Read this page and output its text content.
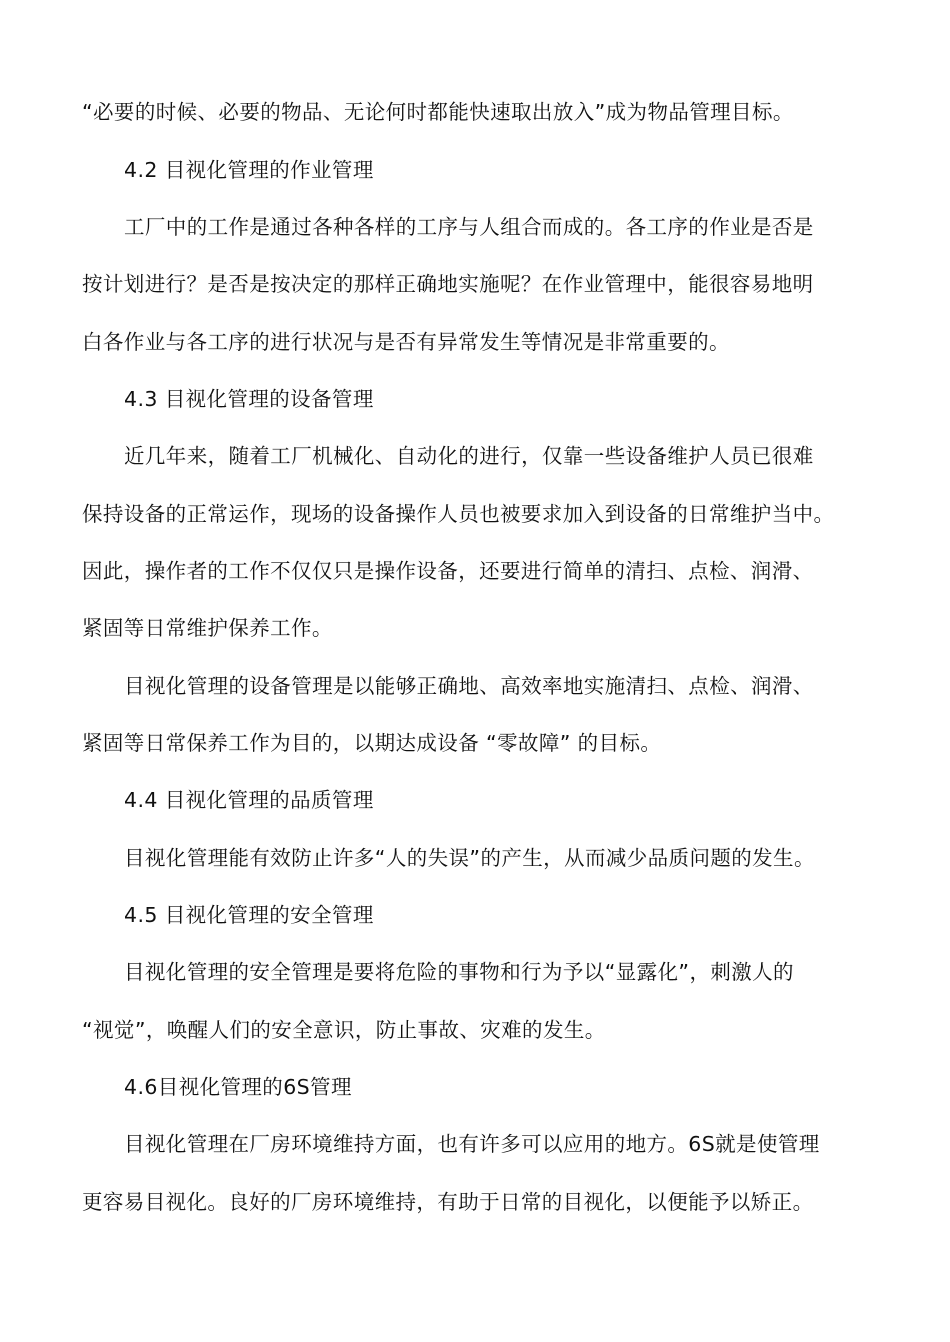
“必要的时候、必要的物品、无论何时都能快速取出放入”成为物品管理目标。
4.2 目视化管理的作业管理
工厂中的工作是通过各种各样的工序与人组合而成的。各工序的作业是否是
按计划进行？是否是按决定的那样正确地实施呢？在作业管理中，能很容易地明
白各作业与各工序的进行状况与是否有异常发生等情况是非常重要的。
4.3 目视化管理的设备管理
近几年来，随着工厂机械化、自动化的进行，仅靠一些设备维护人员已很难
保持设备的正常运作，现场的设备操作人员也被要求加入到设备的日常维护当中。
因此，操作者的工作不仅仅只是操作设备，还要进行简单的清扫、点检、润滑、
紧固等日常维护保养工作。
目视化管理的设备管理是以能够正确地、高效率地实施清扫、点检、润滑、
紧固等日常保养工作为目的，以期达成设备 “零故障” 的目标。
4.4 目视化管理的品质管理
目视化管理能有效防止许多“人的失误”的产生，从而减少品质问题的发生。
4.5 目视化管理的安全管理
目视化管理的安全管理是要将危险的事物和行为予以“显露化”，刺激人的
“视觉”，唤醒人们的安全意识，防止事故、灾难的发生。
4.6目视化管理的6S管理
目视化管理在厂房环境维持方面，也有许多可以应用的地方。6S就是使管理
更容易目视化。良好的厂房环境维持，有助于日常的目视化，以便能予以矫正。
